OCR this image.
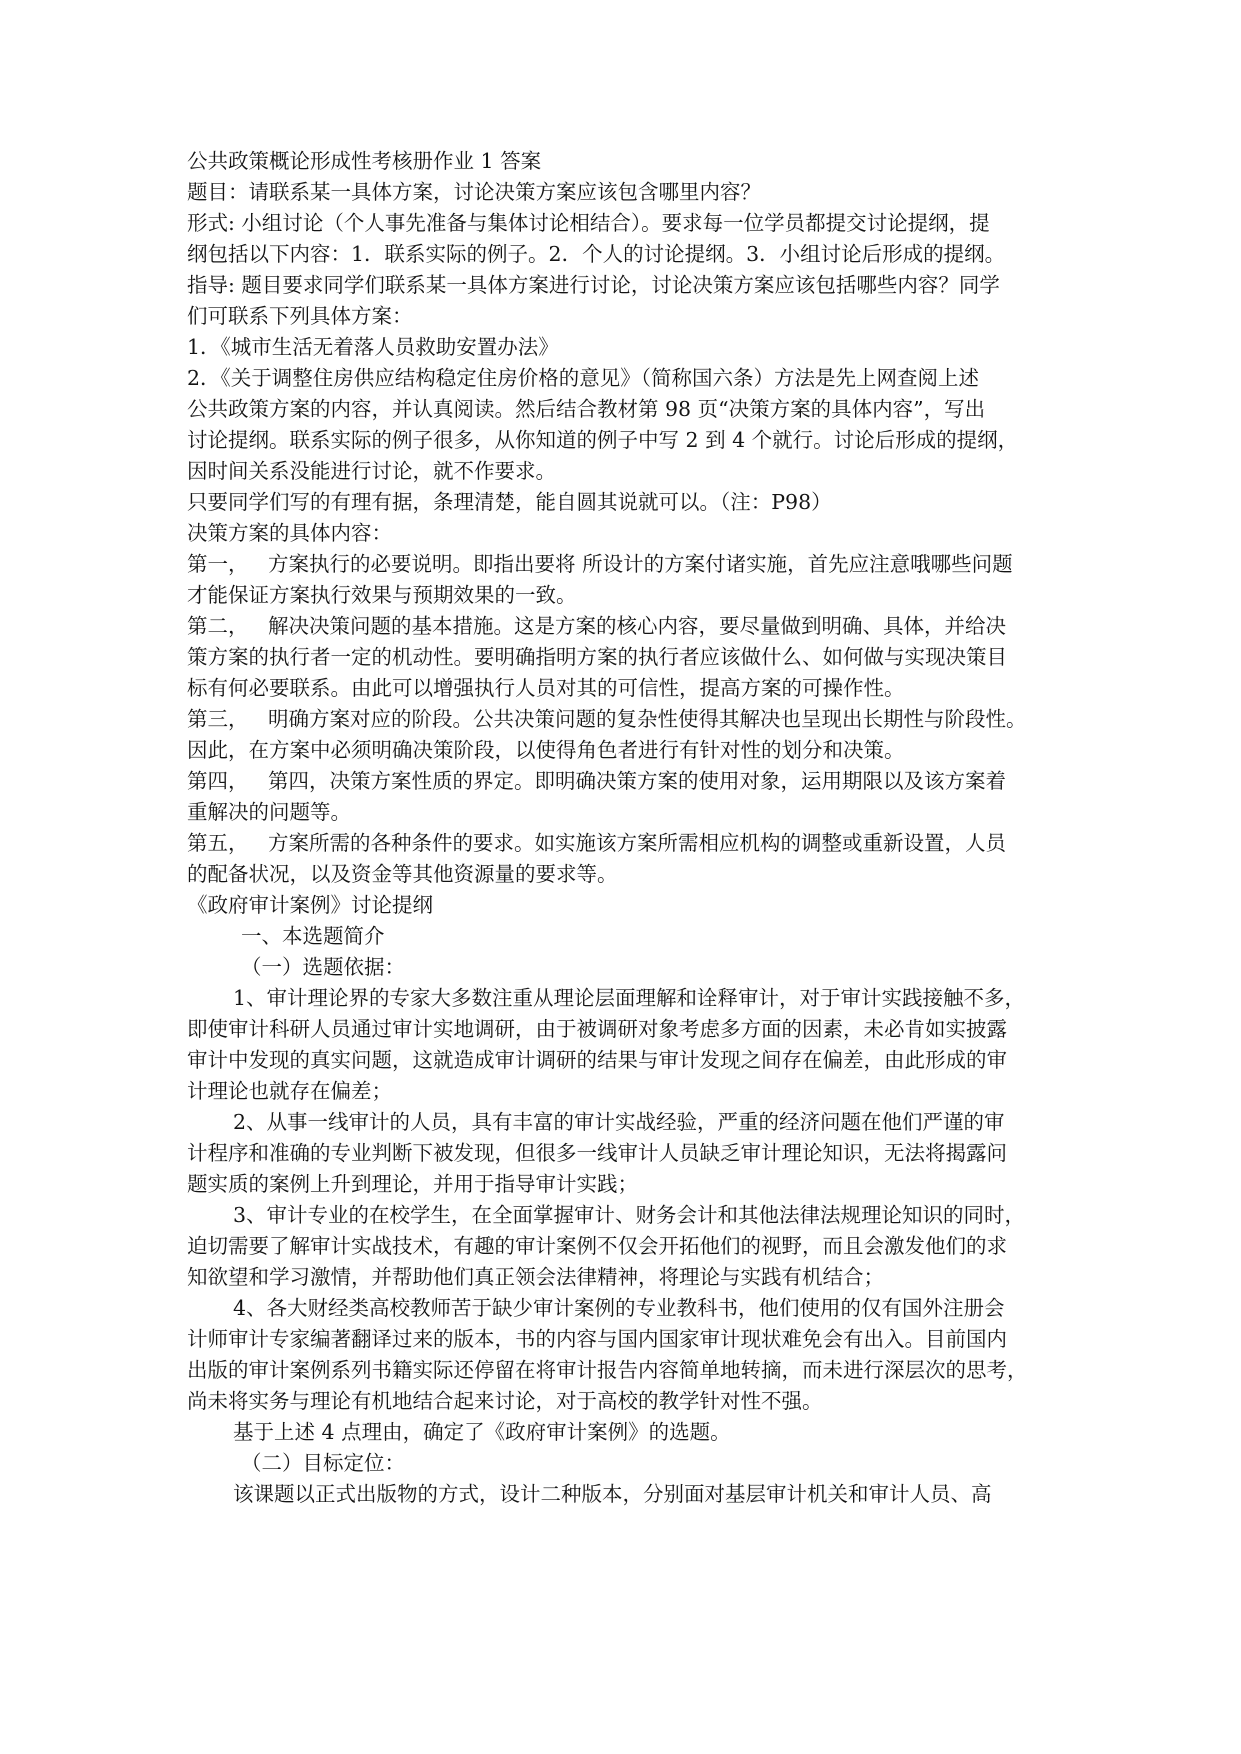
公共政策概论形成性考核册作业 1 答案
题目：请联系某一具体方案，讨论决策方案应该包含哪里内容？
形式: 小组讨论（个人事先准备与集体讨论相结合）。要求每一位学员都提交讨论提纲，提
纲包括以下内容：1．联系实际的例子。2．个人的讨论提纲。3．小组讨论后形成的提纲。
指导: 题目要求同学们联系某一具体方案进行讨论，讨论决策方案应该包括哪些内容？同学
们可联系下列具体方案：
1．《城市生活无着落人员救助安置办法》
2．《关于调整住房供应结构稳定住房价格的意见》（简称国六条）方法是先上网查阅上述
公共政策方案的内容，并认真阅读。然后结合教材第 98 页“决策方案的具体内容”，写出
讨论提纲。联系实际的例子很多，从你知道的例子中写 2 到 4 个就行。讨论后形成的提纲，
因时间关系没能进行讨论，就不作要求。
只要同学们写的有理有据，条理清楚，能自圆其说就可以。（注：P98）
决策方案的具体内容：
第一，   方案执行的必要说明。即指出要将 所设计的方案付诸实施，首先应注意哦哪些问题
才能保证方案执行效果与预期效果的一致。
第二，   解决决策问题的基本措施。这是方案的核心内容，要尽量做到明确、具体，并给决
策方案的执行者一定的机动性。要明确指明方案的执行者应该做什么、如何做与实现决策目
标有何必要联系。由此可以增强执行人员对其的可信性，提高方案的可操作性。
第三，   明确方案对应的阶段。公共决策问题的复杂性使得其解决也呈现出长期性与阶段性。
因此，在方案中必须明确决策阶段，以使得角色者进行有针对性的划分和决策。
第四，   第四，决策方案性质的界定。即明确决策方案的使用对象，运用期限以及该方案着
重解决的问题等。
第五，   方案所需的各种条件的要求。如实施该方案所需相应机构的调整或重新设置，人员
的配备状况，以及资金等其他资源量的要求等。
《政府审计案例》讨论提纲
一、本选题简介
（一）选题依据：
1、审计理论界的专家大多数注重从理论层面理解和诠释审计，对于审计实践接触不多，
即使审计科研人员通过审计实地调研，由于被调研对象考虑多方面的因素，未必肯如实披露
审计中发现的真实问题，这就造成审计调研的结果与审计发现之间存在偏差，由此形成的审
计理论也就存在偏差；
2、从事一线审计的人员，具有丰富的审计实战经验，严重的经济问题在他们严谨的审
计程序和准确的专业判断下被发现，但很多一线审计人员缺乏审计理论知识，无法将揭露问
题实质的案例上升到理论，并用于指导审计实践；
3、审计专业的在校学生，在全面掌握审计、财务会计和其他法律法规理论知识的同时，
迫切需要了解审计实战技术，有趣的审计案例不仅会开拓他们的视野，而且会激发他们的求
知欲望和学习激情，并帮助他们真正领会法律精神，将理论与实践有机结合；
4、各大财经类高校教师苦于缺少审计案例的专业教科书，他们使用的仅有国外注册会
计师审计专家编著翻译过来的版本，书的内容与国内国家审计现状难免会有出入。目前国内
出版的审计案例系列书籍实际还停留在将审计报告内容简单地转摘，而未进行深层次的思考，
尚未将实务与理论有机地结合起来讨论，对于高校的教学针对性不强。
基于上述 4 点理由，确定了《政府审计案例》的选题。
（二）目标定位：
该课题以正式出版物的方式，设计二种版本，分别面对基层审计机关和审计人员、高
